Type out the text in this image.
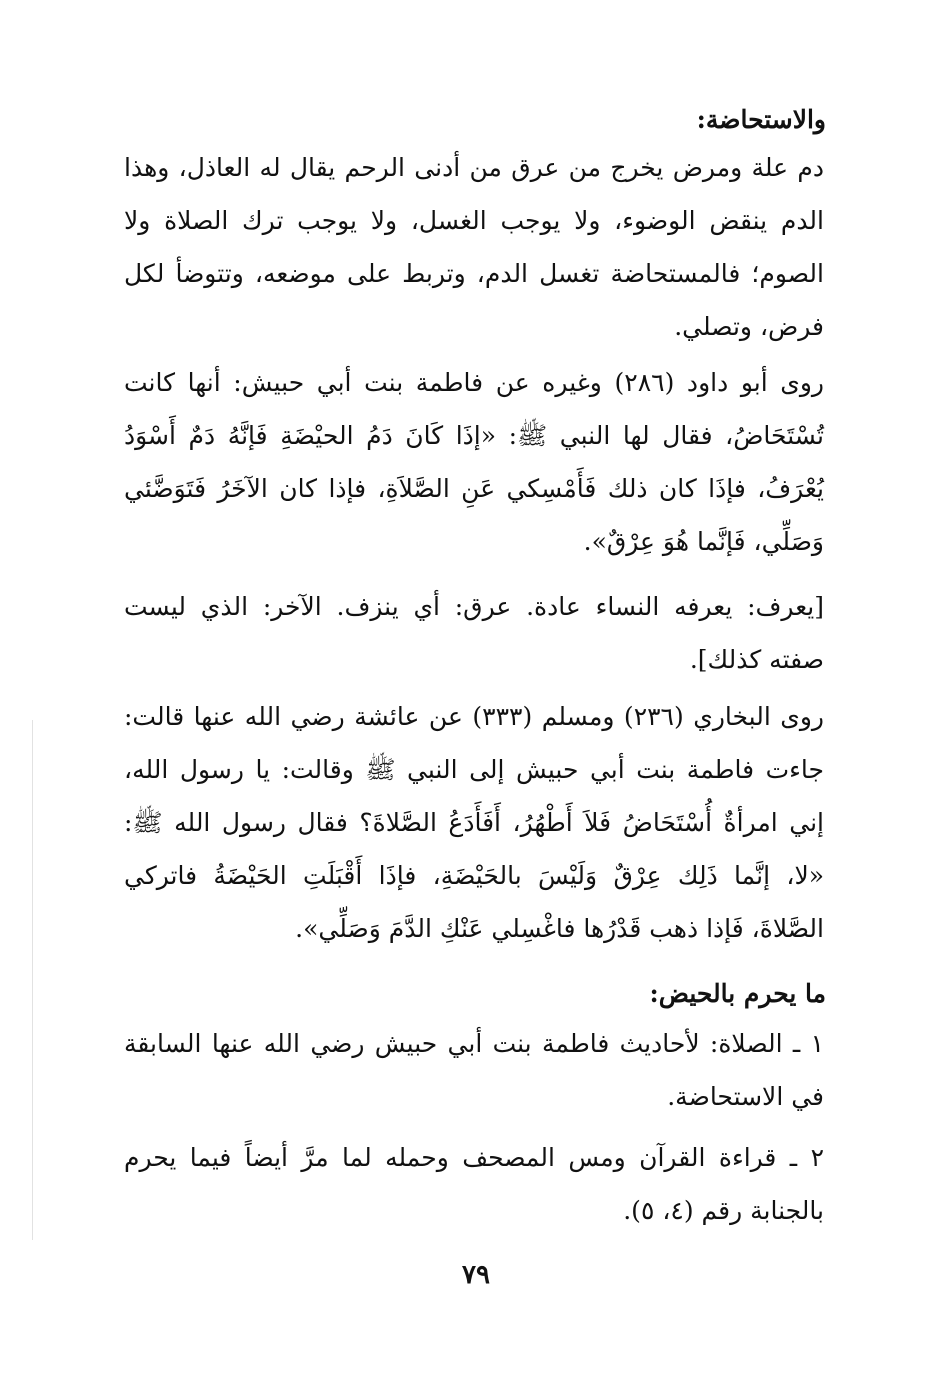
والاستحاضة:

دم علة ومرض يخرج من عرق من أدنى الرحم يقال له العاذل، وهذا الدم ينقض الوضوء، ولا يوجب الغسل، ولا يوجب ترك الصلاة ولا الصوم؛ فالمستحاضة تغسل الدم، وتربط على موضعه، وتتوضأ لكل فرض، وتصلي.

روى أبو داود (٢٨٦) وغيره عن فاطمة بنت أبي حبيش: أنها كانت تُسْتَحَاضُ، فقال لها النبي ﷺ: «إذَا كَانَ دَمُ الحيْضَةِ فَإنَّهُ دَمٌ أَسْوَدُ يُعْرَفُ، فإذَا كان ذلك فَأَمْسِكي عَنِ الصَّلاَةِ، فإذا كان الآخَرُ فَتَوَضَّئي وَصَلِّي، فَإنَّما هُوَ عِرْقٌ».

[يعرف: يعرفه النساء عادة. عرق: أي ينزف. الآخر: الذي ليست صفته كذلك].

روى البخاري (٢٣٦) ومسلم (٣٣٣) عن عائشة رضي الله عنها قالت: جاءت فاطمة بنت أبي حبيش إلى النبي ﷺ وقالت: يا رسول الله، إني امرأةٌ أُسْتَحَاضُ فَلاَ أَطْهُرُ، أَفَأَدَعُ الصَّلاةَ؟ فقال رسول الله ﷺ: «لا، إنَّما ذَلِك عِرْقٌ وَلَيْسَ بالحَيْضَةِ، فإذَا أَقْبَلَتِ الحَيْضَةُ فاتركي الصَّلاةَ، فَإذا ذهب قَدْرُها فاغْسِلي عَنْكِ الدَّمَ وَصَلِّي».

ما يحرم بالحيض:

١ ـ الصلاة: لأحاديث فاطمة بنت أبي حبيش رضي الله عنها السابقة في الاستحاضة.

٢ ـ قراءة القرآن ومس المصحف وحمله لما مرَّ أيضاً فيما يحرم بالجنابة رقم (٤، ٥).

٧٩
